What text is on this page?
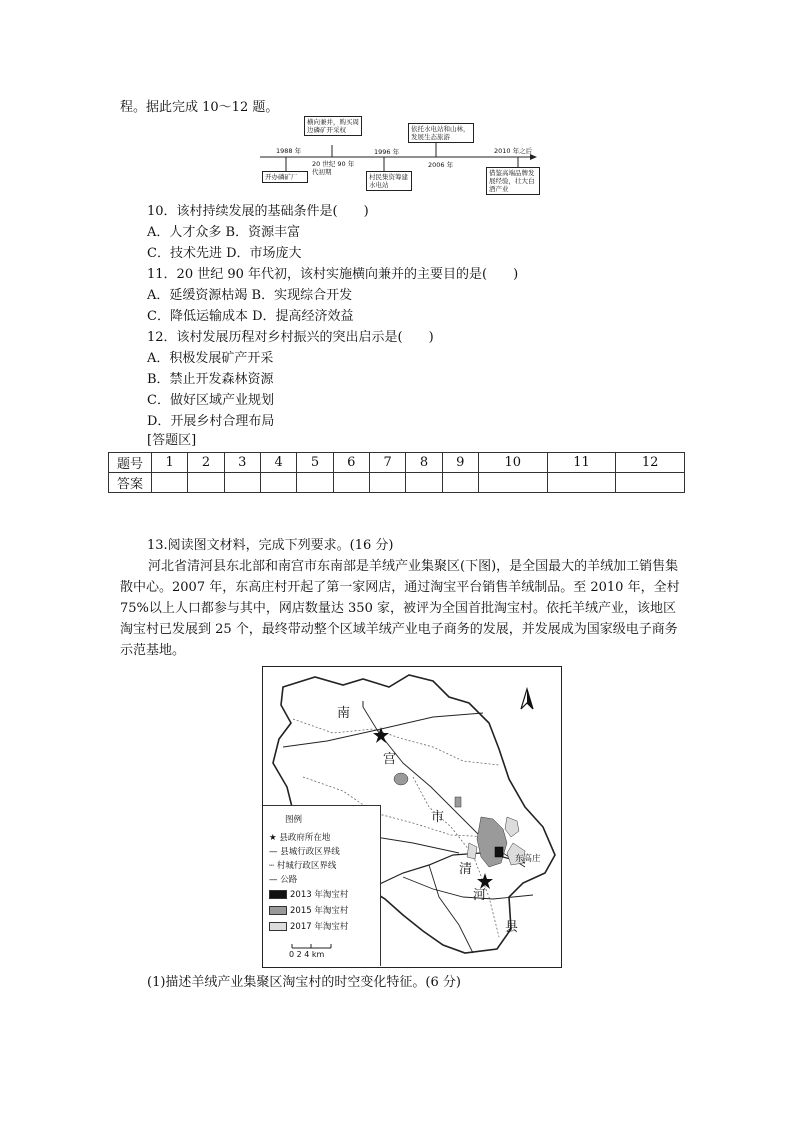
程。据此完成 10～12 题。
1988 年
20 世纪 90 年代初期
1996 年
2006 年
2010 年之后
开办磷矿厂
横向兼并，购买周边磷矿开采权
村民集资筹建水电站
依托水电站和山林，发展生态旅游
借鉴高端品牌发展经验，壮大白酒产业
10．该村持续发展的基础条件是(　　)
A．人才众多 B．资源丰富
C．技术先进 D．市场庞大
11．20 世纪 90 年代初，该村实施横向兼并的主要目的是(　　)
A．延缓资源枯竭 B．实现综合开发
C．降低运输成本 D．提高经济效益
12．该村发展历程对乡村振兴的突出启示是(　　)
A．积极发展矿产开采
B．禁止开发森林资源
C．做好区域产业规划
D．开展乡村合理布局
[答题区]
题号	1	2	3	4	5	6	7	8	9	10	11	12
答案												
13.阅读图文材料，完成下列要求。(16 分)
河北省清河县东北部和南宫市东南部是羊绒产业集聚区(下图)，是全国最大的羊绒加工销售集散中心。2007 年，东高庄村开起了第一家网店，通过淘宝平台销售羊绒制品。至 2010 年，全村 75%以上人口都参与其中，网店数量达 350 家，被评为全国首批淘宝村。依托羊绒产业，该地区淘宝村已发展到 25 个，最终带动整个区域羊绒产业电子商务的发展，并发展成为国家级电子商务示范基地。
南
宫
市
清
河
县
东高庄
图例
★ 县政府所在地
— 县城行政区界线
┄ 村城行政区界线
— 公路
2013 年淘宝村
2015 年淘宝村
2017 年淘宝村
0 2 4 km
(1)描述羊绒产业集聚区淘宝村的时空变化特征。(6 分)
